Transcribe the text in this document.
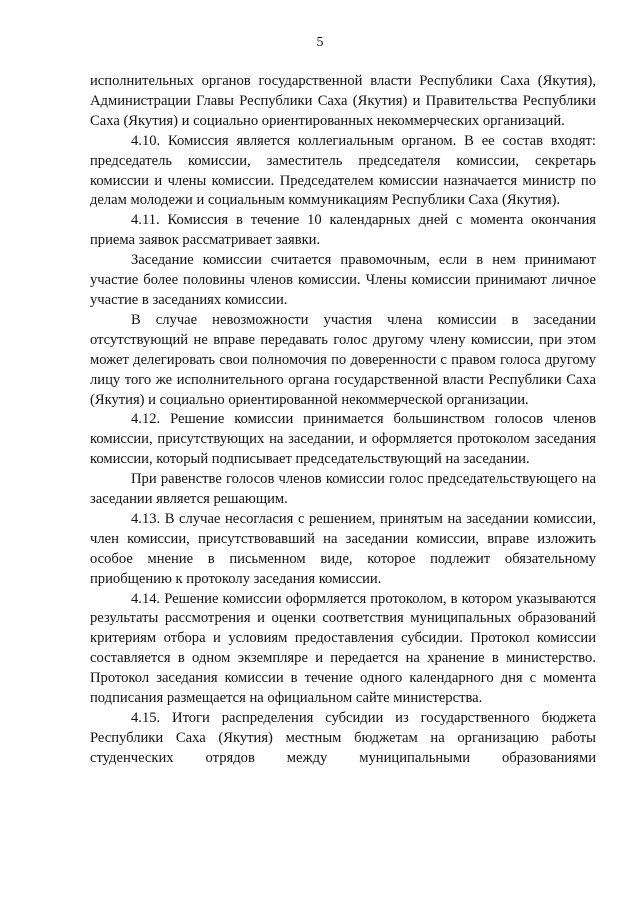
5

исполнительных органов государственной власти Республики Саха (Якутия), Администрации Главы Республики Саха (Якутия) и Правительства Республики Саха (Якутия) и социально ориентированных некоммерческих организаций.

4.10. Комиссия является коллегиальным органом. В ее состав входят: председатель комиссии, заместитель председателя комиссии, секретарь комиссии и члены комиссии. Председателем комиссии назначается министр по делам молодежи и социальным коммуникациям Республики Саха (Якутия).

4.11. Комиссия в течение 10 календарных дней с момента окончания приема заявок рассматривает заявки.

Заседание комиссии считается правомочным, если в нем принимают участие более половины членов комиссии. Члены комиссии принимают личное участие в заседаниях комиссии.

В случае невозможности участия члена комиссии в заседании отсутствующий не вправе передавать голос другому члену комиссии, при этом может делегировать свои полномочия по доверенности с правом голоса другому лицу того же исполнительного органа государственной власти Республики Саха (Якутия) и социально ориентированной некоммерческой организации.

4.12. Решение комиссии принимается большинством голосов членов комиссии, присутствующих на заседании, и оформляется протоколом заседания комиссии, который подписывает председательствующий на заседании.

При равенстве голосов членов комиссии голос председательствующего на заседании является решающим.

4.13. В случае несогласия с решением, принятым на заседании комиссии, член комиссии, присутствовавший на заседании комиссии, вправе изложить особое мнение в письменном виде, которое подлежит обязательному приобщению к протоколу заседания комиссии.

4.14. Решение комиссии оформляется протоколом, в котором указываются результаты рассмотрения и оценки соответствия муниципальных образований критериям отбора и условиям предоставления субсидии. Протокол комиссии составляется в одном экземпляре и передается на хранение в министерство. Протокол заседания комиссии в течение одного календарного дня с момента подписания размещается на официальном сайте министерства.

4.15. Итоги распределения субсидии из государственного бюджета Республики Саха (Якутия) местным бюджетам на организацию работы студенческих отрядов между муниципальными образованиями
